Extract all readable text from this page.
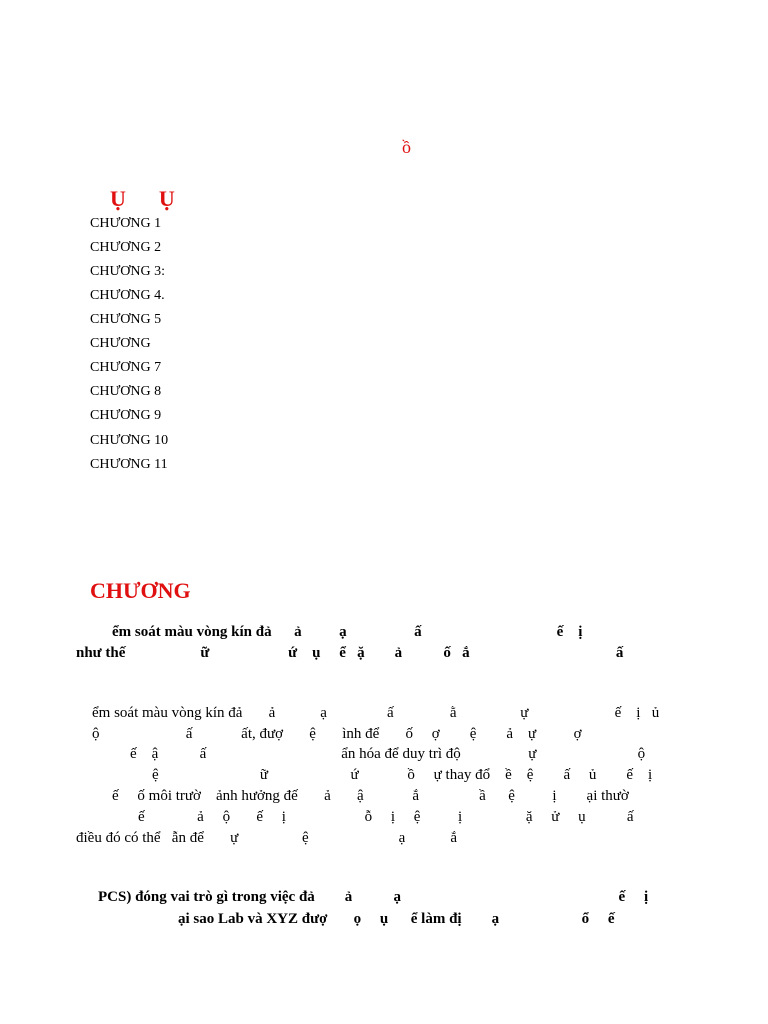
ồ
Ụ      Ụ
CHƯƠNG 1
CHƯƠNG 2
CHƯƠNG 3:
CHƯƠNG 4.
CHƯƠNG 5
CHƯƠNG
CHƯƠNG 7
CHƯƠNG 8
CHƯƠNG 9
CHƯƠNG 10
CHƯƠNG 11
CHƯƠNG
ểm soát màu vòng kín đả      ả          ạ                  ấ                                    ế    ị
như thế                    ữ                     ứ    ụ     ể   ặ        ả           ố   ắ                                       ấ
ểm soát màu vòng kín đả       ả            ạ                ấ               ằ                 ự                       ế    ị   ủ
ộ                       ấ             ất, đượ       ệ       ình để       ố     ợ        ệ        ả    ự          ợ
ế    ậ           ấ                                    ẩn hóa để duy trì độ                  ự                           ộ
ệ                           ữ                      ứ             ồ     ự thay đổ    ề    ệ        ấ     ủ        ế    ị
ế     ố môi trườ    ảnh hưởng đế       ả       ậ             ắ                ầ      ệ          ị        ại thườ
ế              ả     ộ       ế     ị                     ỗ     ị     ệ          ị                 ặ     ử     ụ           ấ
điều đó có thể   ẫn để       ự                 ệ                        ạ            ắ
PCS) đóng vai trò gì trong việc đả        ả           ạ                                                          ế     ị
ại sao Lab và XYZ đượ       ọ     ụ      ể làm đị        ạ                      ổ     ế
